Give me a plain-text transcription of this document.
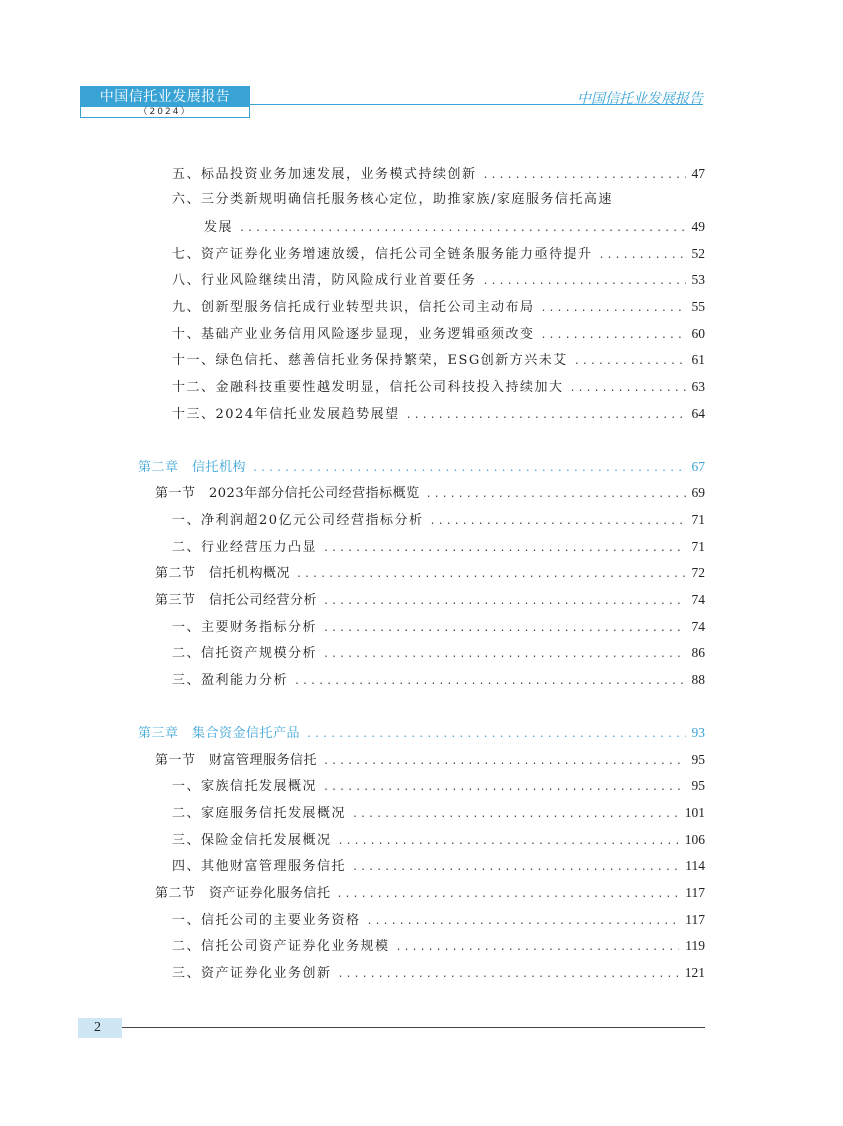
中国信托业发展报告
（2024）
中国信托业发展报告
五、标品投资业务加速发展，业务模式持续创新 .....	47
六、三分类新规明确信托服务核心定位，助推家族/家庭服务信托高速
发展 .....	49
七、资产证券化业务增速放缓，信托公司全链条服务能力亟待提升 .....	52
八、行业风险继续出清，防风险成行业首要任务 .....	53
九、创新型服务信托成行业转型共识，信托公司主动布局 .....	55
十、基础产业业务信用风险逐步显现，业务逻辑亟须改变 .....	60
十一、绿色信托、慈善信托业务保持繁荣，ESG创新方兴未艾 .....	61
十二、金融科技重要性越发明显，信托公司科技投入持续加大 .....	63
十三、2024年信托业发展趋势展望 .....	64
第二章　信托机构 .....	67
第一节　2023年部分信托公司经营指标概览 .....	69
一、净利润超20亿元公司经营指标分析 .....	71
二、行业经营压力凸显 .....	71
第二节　信托机构概况 .....	72
第三节　信托公司经营分析 .....	74
一、主要财务指标分析 .....	74
二、信托资产规模分析 .....	86
三、盈利能力分析 .....	88
第三章　集合资金信托产品 .....	93
第一节　财富管理服务信托 .....	95
一、家族信托发展概况 .....	95
二、家庭服务信托发展概况 .....	101
三、保险金信托发展概况 .....	106
四、其他财富管理服务信托 .....	114
第二节　资产证券化服务信托 .....	117
一、信托公司的主要业务资格 .....	117
二、信托公司资产证券化业务规模 .....	119
三、资产证券化业务创新 .....	121
2
